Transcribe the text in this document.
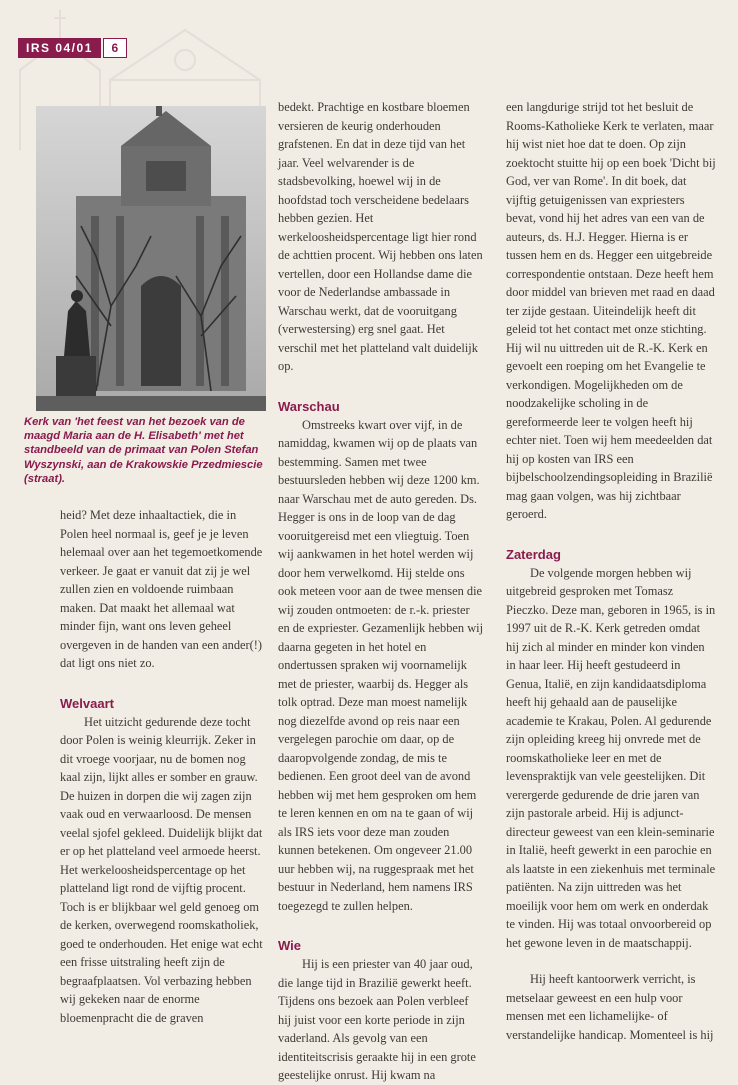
IRS 04/01	6
Kerk van 'het feest van het bezoek van de maagd Maria aan de H. Elisabeth' met het standbeeld van de primaat van Polen Stefan Wyszynski, aan de Krakowskie Przedmiescie (straat).

heid? Met deze inhaaltactiek, die in Polen heel normaal is, geef je je leven helemaal over aan het tegemoetkomende verkeer. Je gaat er vanuit dat zij je wel zullen zien en voldoende ruimbaan maken. Dat maakt het allemaal wat minder fijn, want ons leven geheel overgeven in de handen van een ander(!) dat ligt ons niet zo.

Welvaart

Het uitzicht gedurende deze tocht door Polen is weinig kleurrijk. Zeker in dit vroege voorjaar, nu de bomen nog kaal zijn, lijkt alles er somber en grauw. De huizen in dorpen die wij zagen zijn vaak oud en verwaarloosd. De mensen veelal sjofel gekleed. Duidelijk blijkt dat er op het platteland veel armoede heerst. Het werkeloosheidspercentage op het platteland ligt rond de vijftig procent. Toch is er blijkbaar wel geld genoeg om de kerken, overwegend roomskatholiek, goed te onderhouden. Het enige wat echt een frisse uitstraling heeft zijn de begraafplaatsen. Vol verbazing hebben wij gekeken naar de enorme bloemenpracht die de graven

bedekt. Prachtige en kostbare bloemen versieren de keurig onderhouden grafstenen. En dat in deze tijd van het jaar. Veel welvarender is de stadsbevolking, hoewel wij in de hoofdstad toch verscheidene bedelaars hebben gezien. Het werkeloosheidspercentage ligt hier rond de achttien procent. Wij hebben ons laten vertellen, door een Hollandse dame die voor de Nederlandse ambassade in Warschau werkt, dat de vooruitgang (verwestersing) erg snel gaat. Het verschil met het platteland valt duidelijk op.

Warschau

Omstreeks kwart over vijf, in de namiddag, kwamen wij op de plaats van bestemming. Samen met twee bestuursleden hebben wij deze 1200 km. naar Warschau met de auto gereden. Ds. Hegger is ons in de loop van de dag vooruitgereisd met een vliegtuig. Toen wij aankwamen in het hotel werden wij door hem verwelkomd. Hij stelde ons ook meteen voor aan de twee mensen die wij zouden ontmoeten: de r.-k. priester en de expriester. Gezamenlijk hebben wij daarna gegeten in het hotel en ondertussen spraken wij voornamelijk met de priester, waarbij ds. Hegger als tolk optrad. Deze man moest namelijk nog diezelfde avond op reis naar een vergelegen parochie om daar, op de daaropvolgende zondag, de mis te bedienen. Een groot deel van de avond hebben wij met hem gesproken om hem te leren kennen en om na te gaan of wij als IRS iets voor deze man zouden kunnen betekenen. Om ongeveer 21.00 uur hebben wij, na ruggespraak met het bestuur in Nederland, hem namens IRS toegezegd te zullen helpen.

Wie

Hij is een priester van 40 jaar oud, die lange tijd in Brazilië gewerkt heeft. Tijdens ons bezoek aan Polen verbleef hij juist voor een korte periode in zijn vaderland. Als gevolg van een identiteitscrisis geraakte hij in een grote geestelijke onrust. Hij kwam na

een langdurige strijd tot het besluit de Rooms-Katholieke Kerk te verlaten, maar hij wist niet hoe dat te doen. Op zijn zoektocht stuitte hij op een boek 'Dicht bij God, ver van Rome'. In dit boek, dat vijftig getuigenissen van expriesters bevat, vond hij het adres van een van de auteurs, ds. H.J. Hegger. Hierna is er tussen hem en ds. Hegger een uitgebreide correspondentie ontstaan. Deze heeft hem door middel van brieven met raad en daad ter zijde gestaan. Uiteindelijk heeft dit geleid tot het contact met onze stichting. Hij wil nu uittreden uit de R.-K. Kerk en gevoelt een roeping om het Evangelie te verkondigen. Mogelijkheden om de noodzakelijke scholing in de gereformeerde leer te volgen heeft hij echter niet. Toen wij hem meedeelden dat hij op kosten van IRS een bijbelschoolzendingsopleiding in Brazilië mag gaan volgen, was hij zichtbaar geroerd.

Zaterdag

De volgende morgen hebben wij uitgebreid gesproken met Tomasz Pieczko. Deze man, geboren in 1965, is in 1997 uit de R.-K. Kerk getreden omdat hij zich al minder en minder kon vinden in haar leer. Hij heeft gestudeerd in Genua, Italië, en zijn kandidaatsdiploma heeft hij gehaald aan de pauselijke academie te Krakau, Polen. Al gedurende zijn opleiding kreeg hij onvrede met de roomskatholieke leer en met de levenspraktijk van vele geestelijken. Dit verergerde gedurende de drie jaren van zijn pastorale arbeid. Hij is adjunct-directeur geweest van een klein-seminarie in Italië, heeft gewerkt in een parochie en als laatste in een ziekenhuis met terminale patiënten. Na zijn uittreden was het moeilijk voor hem om werk en onderdak te vinden. Hij was totaal onvoorbereid op het gewone leven in de maatschappij.

Hij heeft kantoorwerk verricht, is metselaar geweest en een hulp voor mensen met een lichamelijke- of verstandelijke handicap. Momenteel is hij
